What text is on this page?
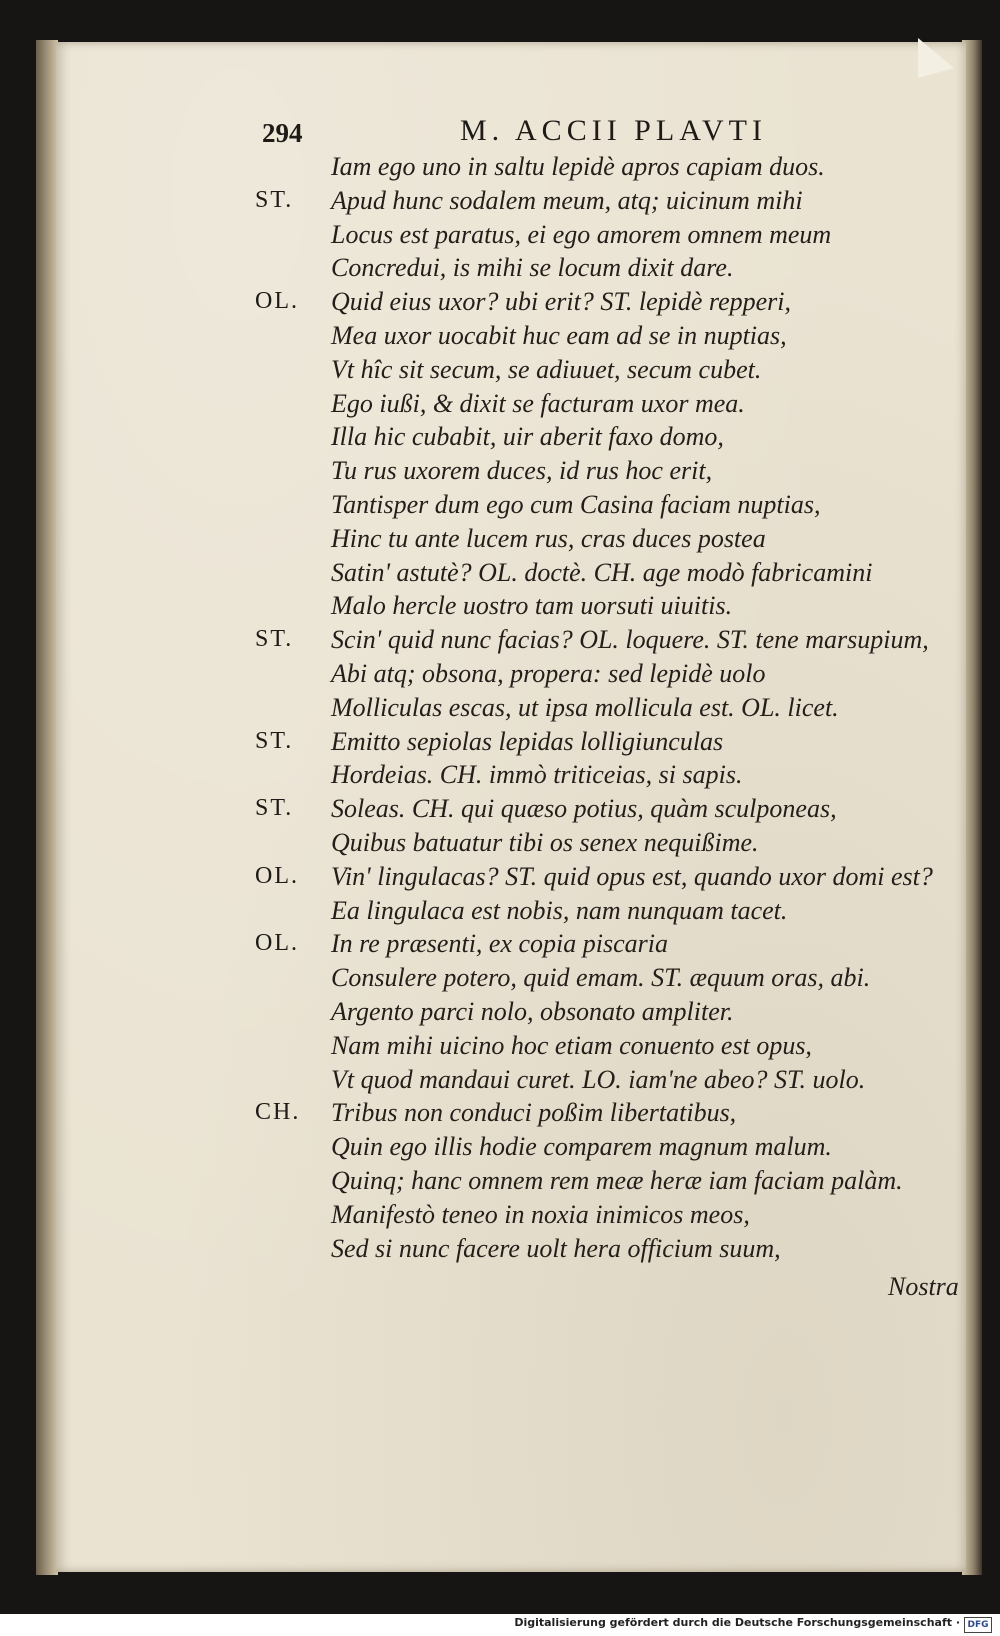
294	M. ACCII PLAVTI
Iam ego uno in saltu lepidè apros capiam duos.
ST. Apud hunc sodalem meum, atq; uicinum mihi
Locus est paratus, ei ego amorem omnem meum
Concredui, is mihi se locum dixit dare.
OL. Quid eius uxor? ubi erit? ST. lepidè repperi,
Mea uxor uocabit huc eam ad se in nuptias,
Vt hîc sit secum, se adiuuet, secum cubet.
Ego iußi, & dixit se facturam uxor mea.
Illa hic cubabit, uir aberit faxo domo,
Tu rus uxorem duces, id rus hoc erit,
Tantisper dum ego cum Casina faciam nuptias,
Hinc tu ante lucem rus, cras duces postea
Satin' astutè? OL. doctè. CH. age modò fabricamini
Malo hercle uostro tam uorsuti uiuitis.
ST. Scin' quid nunc facias? OL. loquere. ST. tene marsupium,
Abi atq; obsona, propera: sed lepidè uolo
Molliculas escas, ut ipsa mollicula est. OL. licet.
ST. Emitto sepiolas lepidas lolligiunculas
Hordeias. CH. immò triticeias, si sapis.
ST. Soleas. CH. qui quæso potius, quàm sculponeas,
Quibus batuatur tibi os senex nequißime.
OL. Vin' lingulacas? ST. quid opus est, quando uxor domi est?
Ea lingulaca est nobis, nam nunquam tacet.
OL. In re præsenti, ex copia piscaria
Consulere potero, quid emam. ST. æquum oras, abi.
Argento parci nolo, obsonato ampliter.
Nam mihi uicino hoc etiam conuento est opus,
Vt quod mandaui curet. LO. iam'ne abeo? ST. uolo.
CH. Tribus non conduci poßim libertatibus,
Quin ego illis hodie comparem magnum malum.
Quinq; hanc omnem rem meæ heræ iam faciam palàm.
Manifestò teneo in noxia inimicos meos,
Sed si nunc facere uolt hera officium suum,
Nostra
Digitalisierung gefördert durch die Deutsche Forschungsgemeinschaft · DFG
